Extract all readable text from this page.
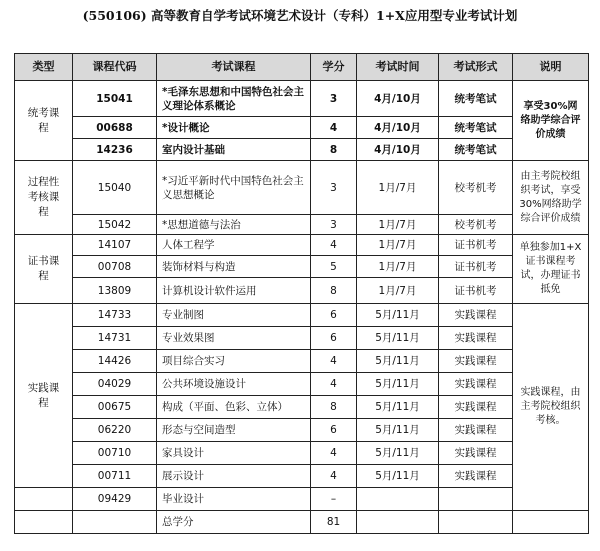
(550106) 高等教育自学考试环境艺术设计（专科）1+X应用型专业考试计划
类型	课程代码	考试课程	学分	考试时间	考试形式	说明
统考课程	15041	*毛泽东思想和中国特色社会主义理论体系概论	3	4月/10月	统考笔试	享受30%网络助学综合评价成绩
	00688	*设计概论	4	4月/10月	统考笔试	
	14236	室内设计基础	8	4月/10月	统考笔试	
过程性考核课程	15040	*习近平新时代中国特色社会主义思想概论	3	1月/7月	校考机考	由主考院校组织考试，享受30%网络助学综合评价成绩
	15042	*思想道德与法治	3	1月/7月	校考机考	
证书课程	14107	人体工程学	4	1月/7月	证书机考	单独参加1+X证书课程考试，办理证书抵免
	00708	装饰材料与构造	5	1月/7月	证书机考	
	13809	计算机设计软件运用	8	1月/7月	证书机考	
实践课程	14733	专业制图	6	5月/11月	实践课程	实践课程，由主考院校组织考核。
	14731	专业效果图	6	5月/11月	实践课程	
	14426	项目综合实习	4	5月/11月	实践课程	
	04029	公共环境设施设计	4	5月/11月	实践课程	
	00675	构成（平面、色彩、立体）	8	5月/11月	实践课程	
	06220	形态与空间造型	6	5月/11月	实践课程	
	00710	家具设计	4	5月/11月	实践课程	
	00711	展示设计	4	5月/11月	实践课程	
	09429	毕业设计	–			
		总学分	81			
